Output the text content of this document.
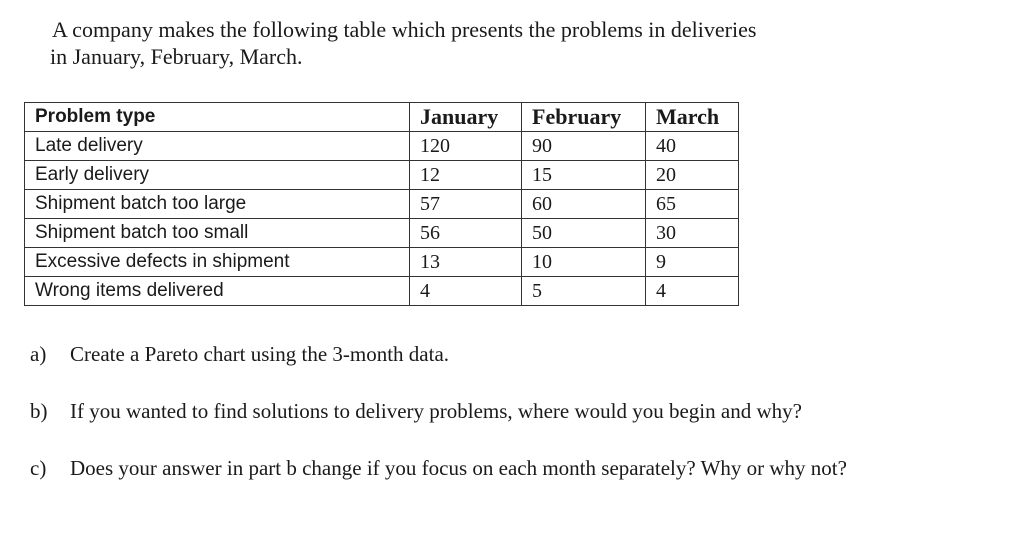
A company makes the following table which presents the problems in deliveries
in January, February, March.
Problem type	January	February	March
Late delivery	120	90	40
Early delivery	12	15	20
Shipment batch too large	57	60	65
Shipment batch too small	56	50	30
Excessive defects in shipment	13	10	9
Wrong items delivered	4	5	4
a) Create a Pareto chart using the 3-month data.
b) If you wanted to find solutions to delivery problems, where would you begin and why?
c) Does your answer in part b change if you focus on each month separately? Why or why not?
